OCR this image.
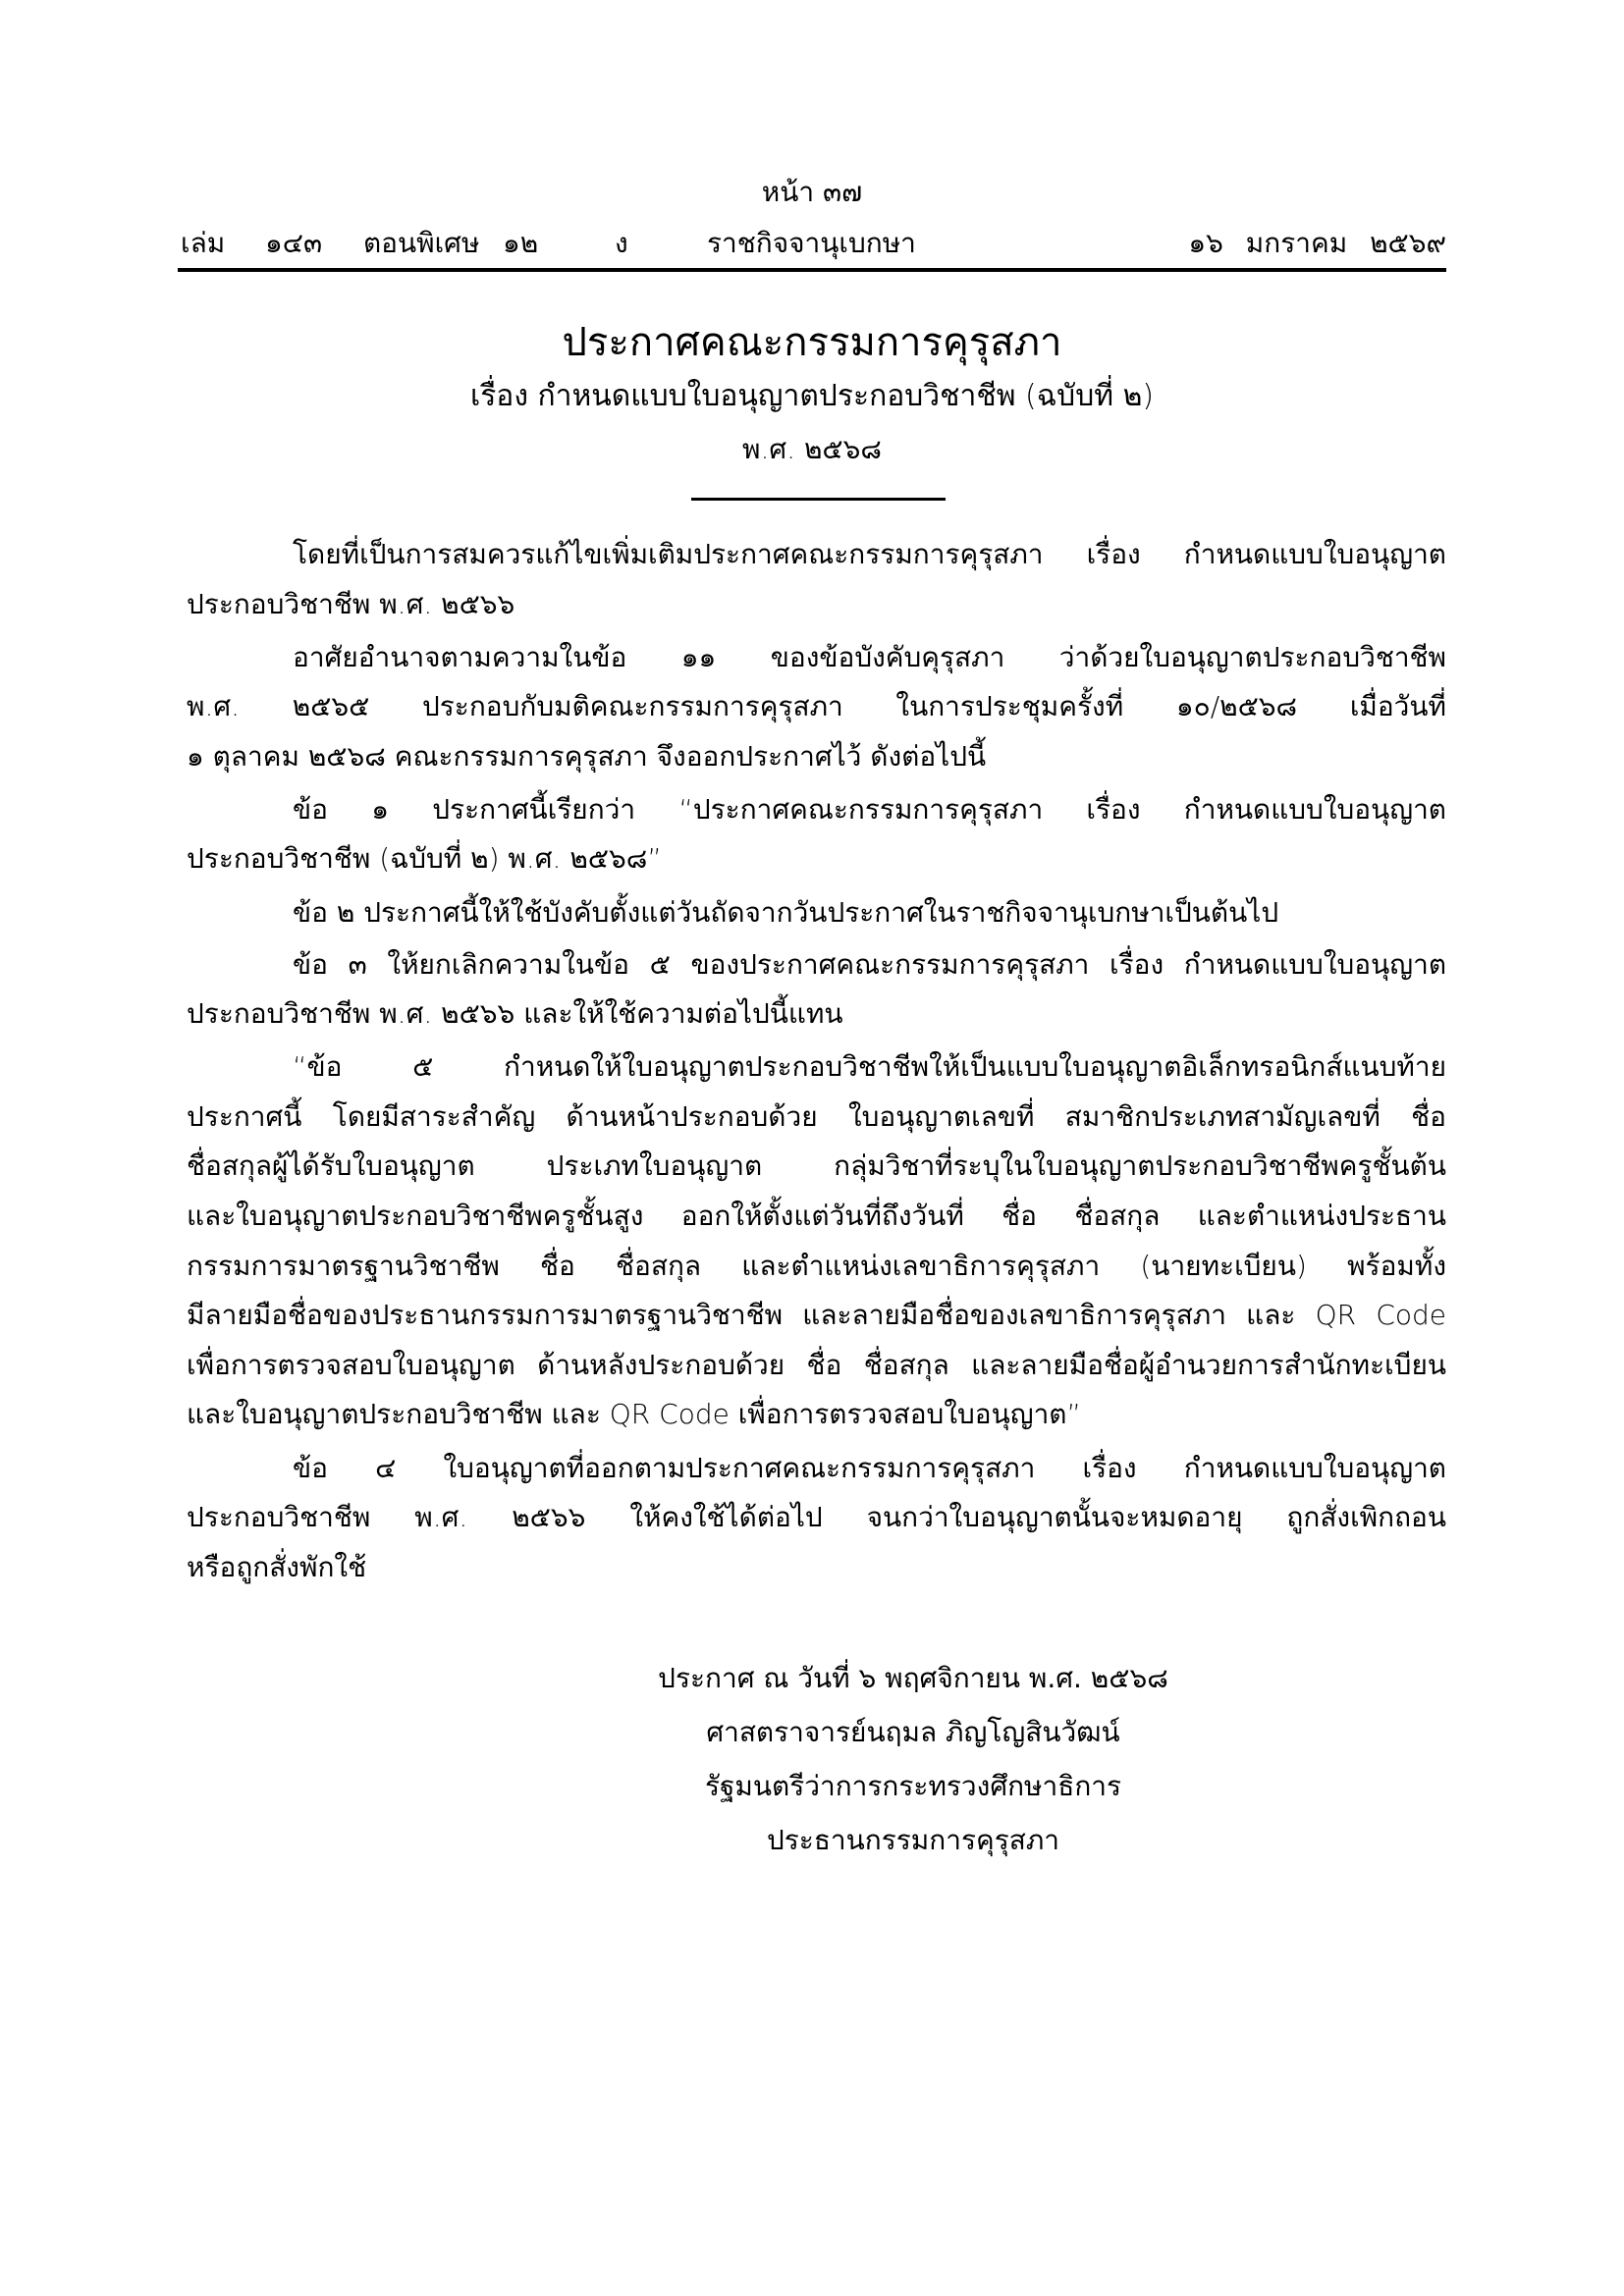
หน้า ๓๗
เล่ม ๑๔๓ ตอนพิเศษ ๑๒	ง	ราชกิจจานุเบกษา	๑๖ มกราคม ๒๕๖๙
ประกาศคณะกรรมการคุรุสภา
เรื่อง กำหนดแบบใบอนุญาตประกอบวิชาชีพ (ฉบับที่ ๒)
พ.ศ. ๒๕๖๘
โดยที่เป็นการสมควรแก้ไขเพิ่มเติมประกาศคณะกรรมการคุรุสภา เรื่อง กำหนดแบบใบอนุญาต
ประกอบวิชาชีพ พ.ศ. ๒๕๖๖
อาศัยอำนาจตามความในข้อ ๑๑ ของข้อบังคับคุรุสภา ว่าด้วยใบอนุญาตประกอบวิชาชีพ
พ.ศ. ๒๕๖๕ ประกอบกับมติคณะกรรมการคุรุสภา ในการประชุมครั้งที่ ๑๐/๒๕๖๘ เมื่อวันที่
๑ ตุลาคม ๒๕๖๘ คณะกรรมการคุรุสภา จึงออกประกาศไว้ ดังต่อไปนี้
ข้อ ๑ ประกาศนี้เรียกว่า “ประกาศคณะกรรมการคุรุสภา เรื่อง กำหนดแบบใบอนุญาต
ประกอบวิชาชีพ (ฉบับที่ ๒) พ.ศ. ๒๕๖๘”
ข้อ ๒ ประกาศนี้ให้ใช้บังคับตั้งแต่วันถัดจากวันประกาศในราชกิจจานุเบกษาเป็นต้นไป
ข้อ ๓ ให้ยกเลิกความในข้อ ๕ ของประกาศคณะกรรมการคุรุสภา เรื่อง กำหนดแบบใบอนุญาต
ประกอบวิชาชีพ พ.ศ. ๒๕๖๖ และให้ใช้ความต่อไปนี้แทน
“ข้อ ๕ กำหนดให้ใบอนุญาตประกอบวิชาชีพให้เป็นแบบใบอนุญาตอิเล็กทรอนิกส์แนบท้าย
ประกาศนี้ โดยมีสาระสำคัญ ด้านหน้าประกอบด้วย ใบอนุญาตเลขที่ สมาชิกประเภทสามัญเลขที่ ชื่อ
ชื่อสกุลผู้ได้รับใบอนุญาต ประเภทใบอนุญาต กลุ่มวิชาที่ระบุในใบอนุญาตประกอบวิชาชีพครูชั้นต้น
และใบอนุญาตประกอบวิชาชีพครูชั้นสูง ออกให้ตั้งแต่วันที่ถึงวันที่ ชื่อ ชื่อสกุล และตำแหน่งประธาน
กรรมการมาตรฐานวิชาชีพ ชื่อ ชื่อสกุล และตำแหน่งเลขาธิการคุรุสภา (นายทะเบียน) พร้อมทั้ง
มีลายมือชื่อของประธานกรรมการมาตรฐานวิชาชีพ และลายมือชื่อของเลขาธิการคุรุสภา และ QR Code
เพื่อการตรวจสอบใบอนุญาต ด้านหลังประกอบด้วย ชื่อ ชื่อสกุล และลายมือชื่อผู้อำนวยการสำนักทะเบียน
และใบอนุญาตประกอบวิชาชีพ และ QR Code เพื่อการตรวจสอบใบอนุญาต”
ข้อ ๔ ใบอนุญาตที่ออกตามประกาศคณะกรรมการคุรุสภา เรื่อง กำหนดแบบใบอนุญาต
ประกอบวิชาชีพ พ.ศ. ๒๕๖๖ ให้คงใช้ได้ต่อไป จนกว่าใบอนุญาตนั้นจะหมดอายุ ถูกสั่งเพิกถอน
หรือถูกสั่งพักใช้
ประกาศ ณ วันที่ ๖ พฤศจิกายน พ.ศ. ๒๕๖๘
ศาสตราจารย์นฤมล ภิญโญสินวัฒน์
รัฐมนตรีว่าการกระทรวงศึกษาธิการ
ประธานกรรมการคุรุสภา
